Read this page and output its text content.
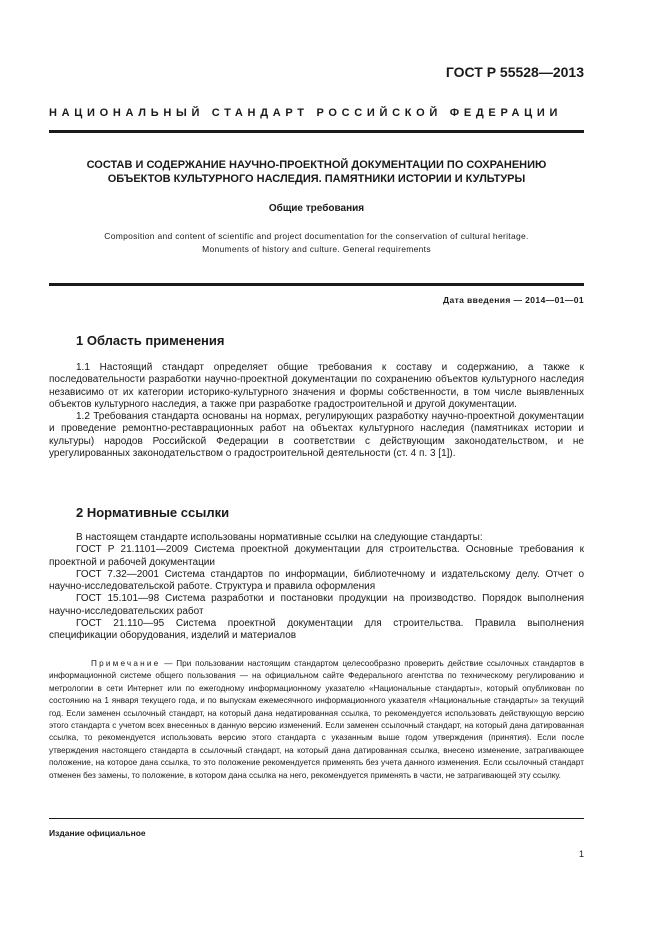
ГОСТ Р 55528—2013
НАЦИОНАЛЬНЫЙ СТАНДАРТ РОССИЙСКОЙ ФЕДЕРАЦИИ
СОСТАВ И СОДЕРЖАНИЕ НАУЧНО-ПРОЕКТНОЙ ДОКУМЕНТАЦИИ ПО СОХРАНЕНИЮ
ОБЪЕКТОВ КУЛЬТУРНОГО НАСЛЕДИЯ. ПАМЯТНИКИ ИСТОРИИ И КУЛЬТУРЫ
Общие требования
Composition and content of scientific and project documentation for the conservation of cultural heritage.
Monuments of history and culture. General requirements
Дата введения — 2014—01—01
1 Область применения

1.1 Настоящий стандарт определяет общие требования к составу и содержанию, а также к последовательности разработки научно-проектной документации по сохранению объектов культурного наследия независимо от их категории историко-культурного значения и формы собственности, в том числе выявленных объектов культурного наследия, а также при разработке градостроительной и другой документации.

1.2 Требования стандарта основаны на нормах, регулирующих разработку научно-проектной документации и проведение ремонтно-реставрационных работ на объектах культурного наследия (памятниках истории и культуры) народов Российской Федерации в соответствии с действующим законодательством, и не урегулированных законодательством о градостроительной деятельности (ст. 4 п. 3 [1]).

2 Нормативные ссылки

В настоящем стандарте использованы нормативные ссылки на следующие стандарты:

ГОСТ Р 21.1101—2009 Система проектной документации для строительства. Основные требования к проектной и рабочей документации

ГОСТ 7.32—2001 Система стандартов по информации, библиотечному и издательскому делу. Отчет о научно-исследовательской работе. Структура и правила оформления

ГОСТ 15.101—98 Система разработки и постановки продукции на производство. Порядок выполнения научно-исследовательских работ

ГОСТ 21.110—95 Система проектной документации для строительства. Правила выполнения спецификации оборудования, изделий и материалов

Примечание — При пользовании настоящим стандартом целесообразно проверить действие ссылочных стандартов в информационной системе общего пользования — на официальном сайте Федерального агентства по техническому регулированию и метрологии в сети Интернет или по ежегодному информационному указателю «Национальные стандарты», который опубликован по состоянию на 1 января текущего года, и по выпускам ежемесячного информационного указателя «Национальные стандарты» за текущий год. Если заменен ссылочный стандарт, на который дана недатированная ссылка, то рекомендуется использовать действующую версию этого стандарта с учетом всех внесенных в данную версию изменений. Если заменен ссылочный стандарт, на который дана датированная ссылка, то рекомендуется использовать версию этого стандарта с указанным выше годом утверждения (принятия). Если после утверждения настоящего стандарта в ссылочный стандарт, на который дана датированная ссылка, внесено изменение, затрагивающее положение, на которое дана ссылка, то это положение рекомендуется применять без учета данного изменения. Если ссылочный стандарт отменен без замены, то положение, в котором дана ссылка на него, рекомендуется применять в части, не затрагивающей эту ссылку.
Издание официальное
1
